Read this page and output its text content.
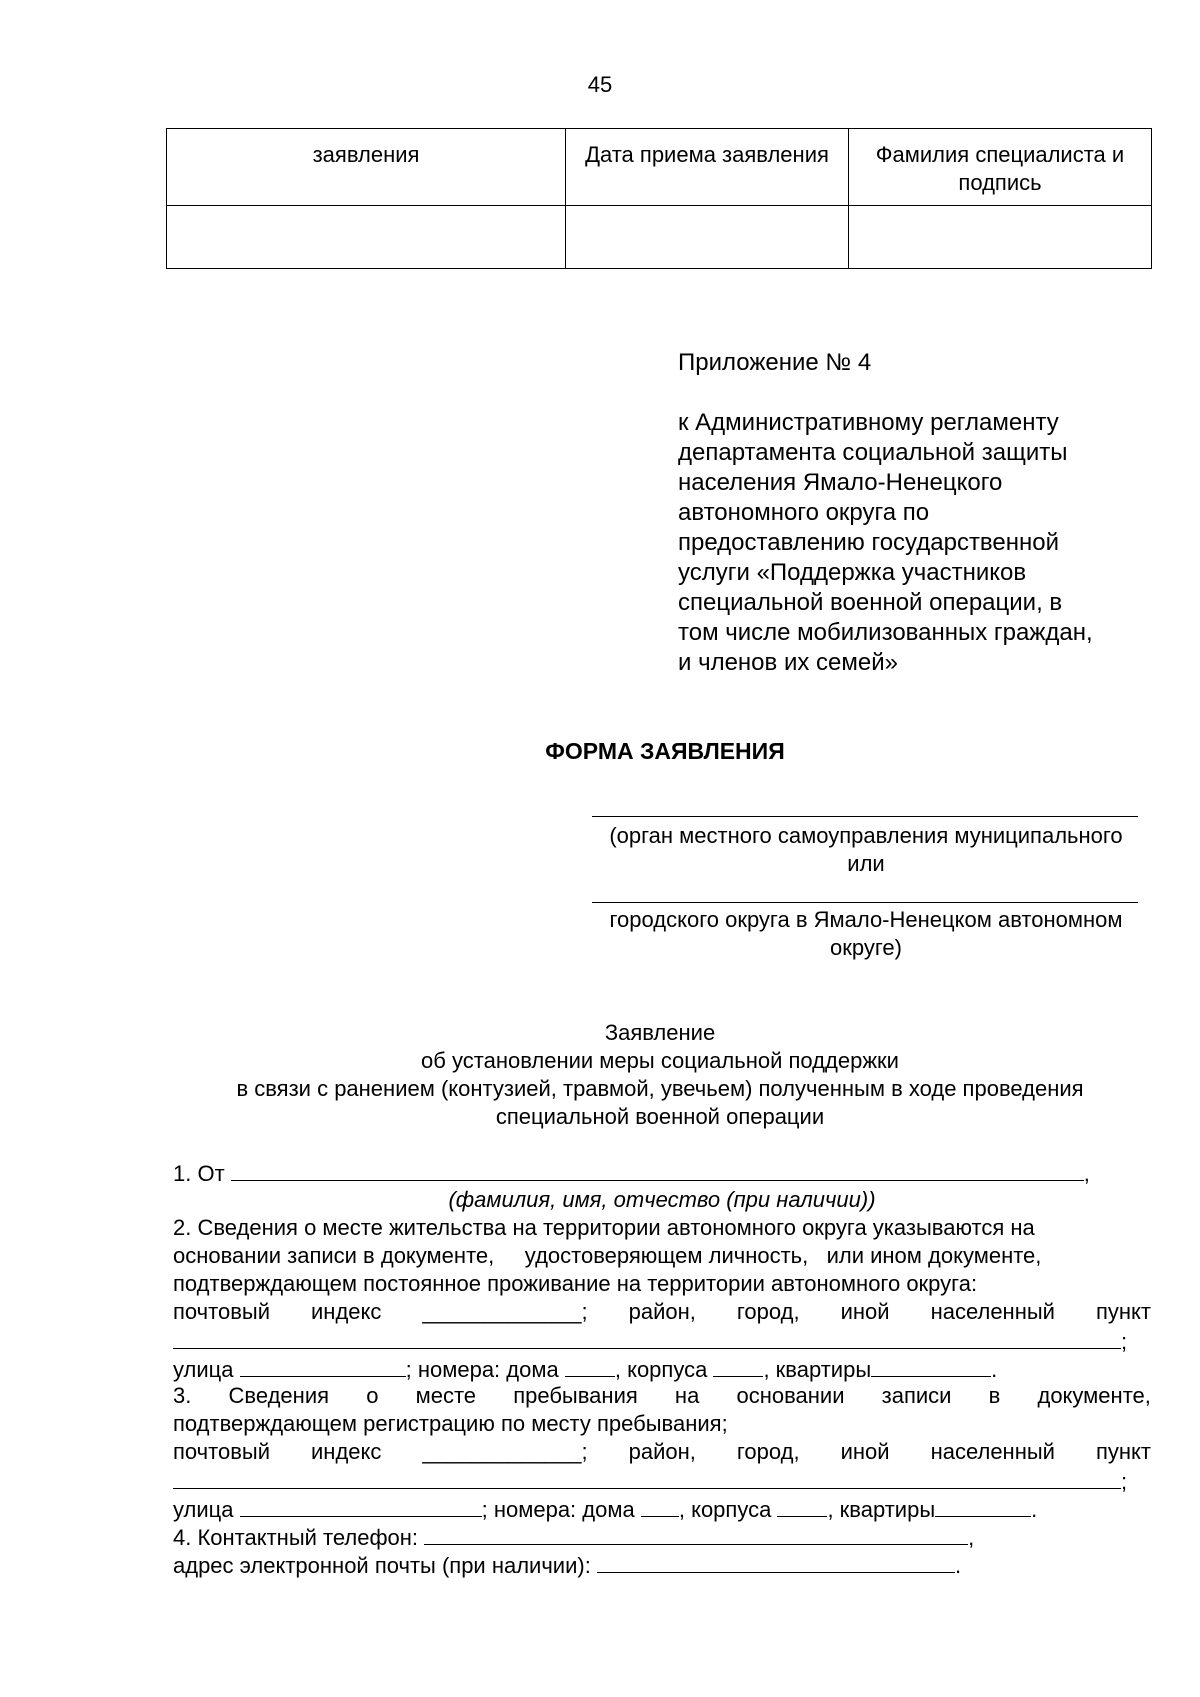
45
заявления	Дата приема заявления	Фамилия специалиста и подпись

Приложение № 4
к Административному регламенту
департамента социальной защиты
населения Ямало-Ненецкого
автономного округа по
предоставлению государственной
услуги «Поддержка участников
специальной военной операции, в
том числе мобилизованных граждан,
и членов их семей»
ФОРМА ЗАЯВЛЕНИЯ
(орган местного самоуправления муниципального
или
городского округа в Ямало-Ненецком автономном
округе)
Заявление
об установлении меры социальной поддержки
в связи с ранением (контузией, травмой, увечьем) полученным в ходе проведения
специальной военной операции
1. От	,
(фамилия, имя, отчество (при наличии))
2. Сведения о месте жительства на территории автономного округа указываются на
основании записи в документе,     удостоверяющем личность,   или ином документе,
подтверждающем постоянное проживание на территории автономного округа:
почтовый индекс _____________; район, город, иной населенный пункт
;
улица	; номера: дома	, корпуса	, квартиры	.
3. Сведения о месте пребывания на основании записи в документе,
подтверждающем регистрацию по месту пребывания;
почтовый индекс _____________; район, город, иной населенный пункт
;
улица	; номера: дома , корпуса	, квартиры	.
4. Контактный телефон:	,
адрес электронной почты (при наличии):	.
